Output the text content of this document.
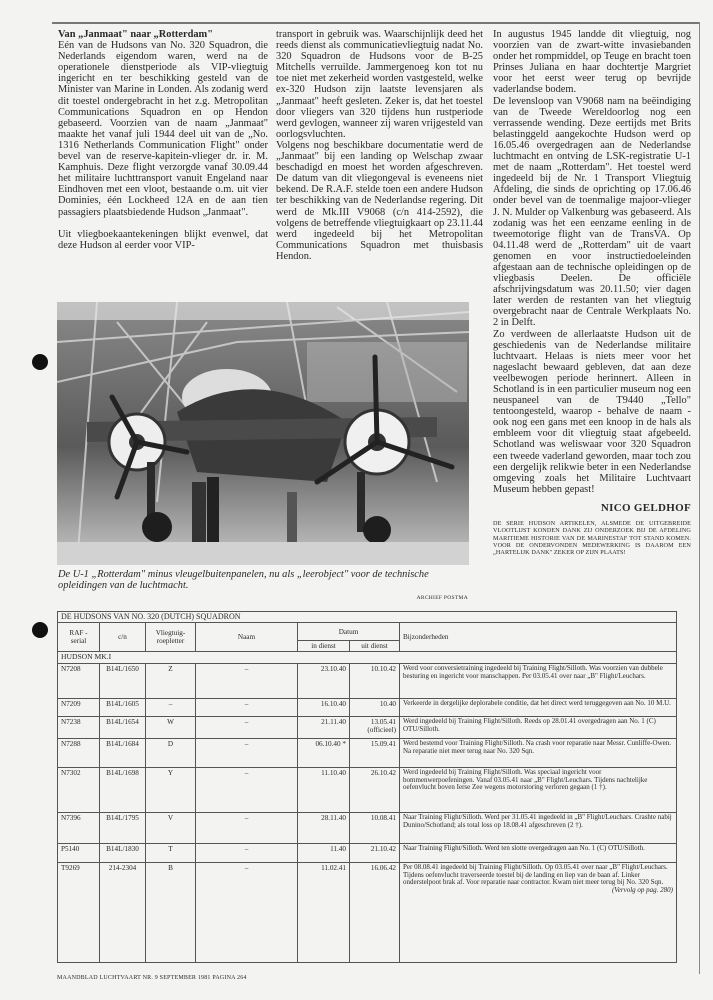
Van „Janmaat" naar „Rotterdam"

Eén van de Hudsons van No. 320 Squadron, die Nederlands eigendom waren, werd na de operationele dienstperiode als VIP-vliegtuig ingericht en ter beschikking gesteld van de Minister van Marine in Londen. Als zodanig werd dit toestel ondergebracht in het z.g. Metropolitan Communications Squadron en op Hendon gebaseerd. Voorzien van de naam „Janmaat" maakte het vanaf juli 1944 deel uit van de „No. 1316 Netherlands Communication Flight" onder bevel van de reserve-kapitein-vlieger dr. ir. M. Kamphuis. Deze flight verzorgde vanaf 30.09.44 het militaire luchttransport vanuit Engeland naar Eindhoven met een vloot, bestaande o.m. uit vier Dominies, één Lockheed 12A en de aan tien passagiers plaatsbiedende Hudson „Janmaat".

Uit vliegboekaantekeningen blijkt evenwel, dat deze Hudson al eerder voor VIP-

transport in gebruik was. Waarschijnlijk deed het reeds dienst als communicatievliegtuig nadat No. 320 Squadron de Hudsons voor de B-25 Mitchells verruilde. Jammergenoeg kon tot nu toe niet met zekerheid worden vastgesteld, welke ex-320 Hudson zijn laatste levensjaren als „Janmaat" heeft gesleten. Zeker is, dat het toestel door vliegers van 320 tijdens hun rustperiode werd gevlogen, wanneer zij waren vrijgesteld van oorlogsvluchten.

Volgens nog beschikbare documentatie werd de „Janmaat" bij een landing op Welschap zwaar beschadigd en moest het worden afgeschreven. De datum van dit vliegongeval is eveneens niet bekend. De R.A.F. stelde toen een andere Hudson ter beschikking van de Nederlandse regering. Dit werd de Mk.III V9068 (c/n 414-2592), die volgens de betreffende vliegtuigkaart op 23.11.44 werd ingedeeld bij het Metropolitan Communications Squadron met thuisbasis Hendon.

In augustus 1945 landde dit vliegtuig, nog voorzien van de zwart-witte invasiebanden onder het rompmiddel, op Teuge en bracht toen Prinses Juliana en haar dochtertje Margriet voor het eerst weer terug op bevrijde vaderlandse bodem.

De levensloop van V9068 nam na beëindiging van de Tweede Wereldoorlog nog een verrassende wending. Deze eertijds met Brits belastinggeld aangekochte Hudson werd op 16.05.46 overgedragen aan de Nederlandse luchtmacht en ontving de LSK-registratie U-1 met de naam „Rotterdam". Het toestel werd ingedeeld bij de Nr. 1 Transport Vliegtuig Afdeling, die sinds de oprichting op 17.06.46 onder bevel van de toenmalige majoor-vlieger J. N. Mulder op Valkenburg was gebaseerd. Als zodanig was het een eenzame eenling in de tweemotorige flight van de TransVA. Op 04.11.48 werd de „Rotterdam" uit de vaart genomen en voor instructiedoeleinden afgestaan aan de technische opleidingen op de vliegbasis Deelen. De officiële afschrijvingsdatum was 20.11.50; vier dagen later werden de restanten van het vliegtuig overgebracht naar de Centrale Werkplaats No. 2 in Delft.

Zo verdween de allerlaatste Hudson uit de geschiedenis van de Nederlandse militaire luchtvaart. Helaas is niets meer voor het nageslacht bewaard gebleven, dat aan deze veelbewogen periode herinnert. Alleen in Schotland is in een particulier museum nog een neuspaneel van de T9440 „Tello" tentoongesteld, waarop - behalve de naam - ook nog een gans met een knoop in de hals als embleem voor dit vliegtuig staat afgebeeld. Schotland was weliswaar voor 320 Squadron een tweede vaderland geworden, maar toch zou een dergelijk relikwie beter in een Nederlandse omgeving zoals het Militaire Luchtvaart Museum hebben gepast!

NICO GELDHOF

DE SERIE HUDSON ARTIKELEN, ALSMEDE DE UITGEBREIDE VLOOTLIJST KONDEN DANK ZIJ ONDERZOEK BIJ DE AFDELING MARITIEME HISTORIE VAN DE MARINESTAF TOT STAND KOMEN. VOOR DE ONDERVONDEN MEDEWERKING IS DAAROM EEN „HARTELIJK DANK" ZEKER OP ZIJN PLAATS!

De U-1 „Rotterdam" minus vleugelbuitenpanelen, nu als „leerobject" voor de technische opleidingen van de luchtmacht.
ARCHIEF POSTMA
DE HUDSONS VAN NO. 320 (DUTCH) SQUADRON						
RAF - serial	c/n	Vliegtuig-roepletter	Naam	Datum		Bijzonderheden
				in dienst	uit dienst	
HUDSON MK.I						
N7208	B14L/1650	Z	–	23.10.40	10.10.42	Werd voor conversietraining ingedeeld bij Training Flight/Silloth. Was voorzien van dubbele besturing en ingericht voor manschappen. Per 03.05.41 over naar „B" Flight/Leuchars.
N7209	B14L/1605	–	–	16.10.40	10.40	Verkeerde in dergelijke deplorabele conditie, dat het direct werd teruggegeven aan No. 10 M.U.
N7238	B14L/1654	W	–	21.11.40	13.05.41 (officieel)	Werd ingedeeld bij Training Flight/Silloth. Reeds op 28.01.41 overgedragen aan No. 1 (C) OTU/Silloth.
N7288	B14L/1684	D	–	06.10.40 *	15.09.41	Werd bestemd voor Training Flight/Silloth. Na crash voor reparatie naar Messr. Cunliffe-Owen. Na reparatie niet meer terug naar No. 320 Sqn.
N7302	B14L/1698	Y	–	11.10.40	26.10.42	Werd ingedeeld bij Training Flight/Silloth. Was speciaal ingericht voor bommenwerpoefeningen. Vanaf 03.05.41 naar „B" Flight/Leuchars. Tijdens nachtelijke oefenvlucht boven Ierse Zee wegens motorstoring verloren gegaan (1 †).
N7396	B14L/1795	V	–	28.11.40	10.08.41	Naar Training Flight/Silloth. Werd per 31.05.41 ingedeeld in „B" Flight/Leuchars. Crashte nabij Dunino/Schotland; als total loss op 18.08.41 afgeschreven (2 †).
P5140	B14L/1830	T	–	11.40	21.10.42	Naar Training Flight/Silloth. Werd ten slotte overgedragen aan No. 1 (C) OTU/Silloth.
T9269	214-2304	B	–	11.02.41	16.06.42	Per 08.08.41 ingedeeld bij Training Flight/Silloth. Op 03.05.41 over naar „B" Flight/Leuchars. Tijdens oefenvlucht traverseerde toestel bij de landing en liep van de baan af. Linker onderstelpoot brak af. Voor reparatie naar contractor. Kwam niet meer terug bij No. 320 Sqn.
(Vervolg op pag. 280)
MAANDBLAD LUCHTVAART NR. 9 SEPTEMBER 1981 PAGINA 264
